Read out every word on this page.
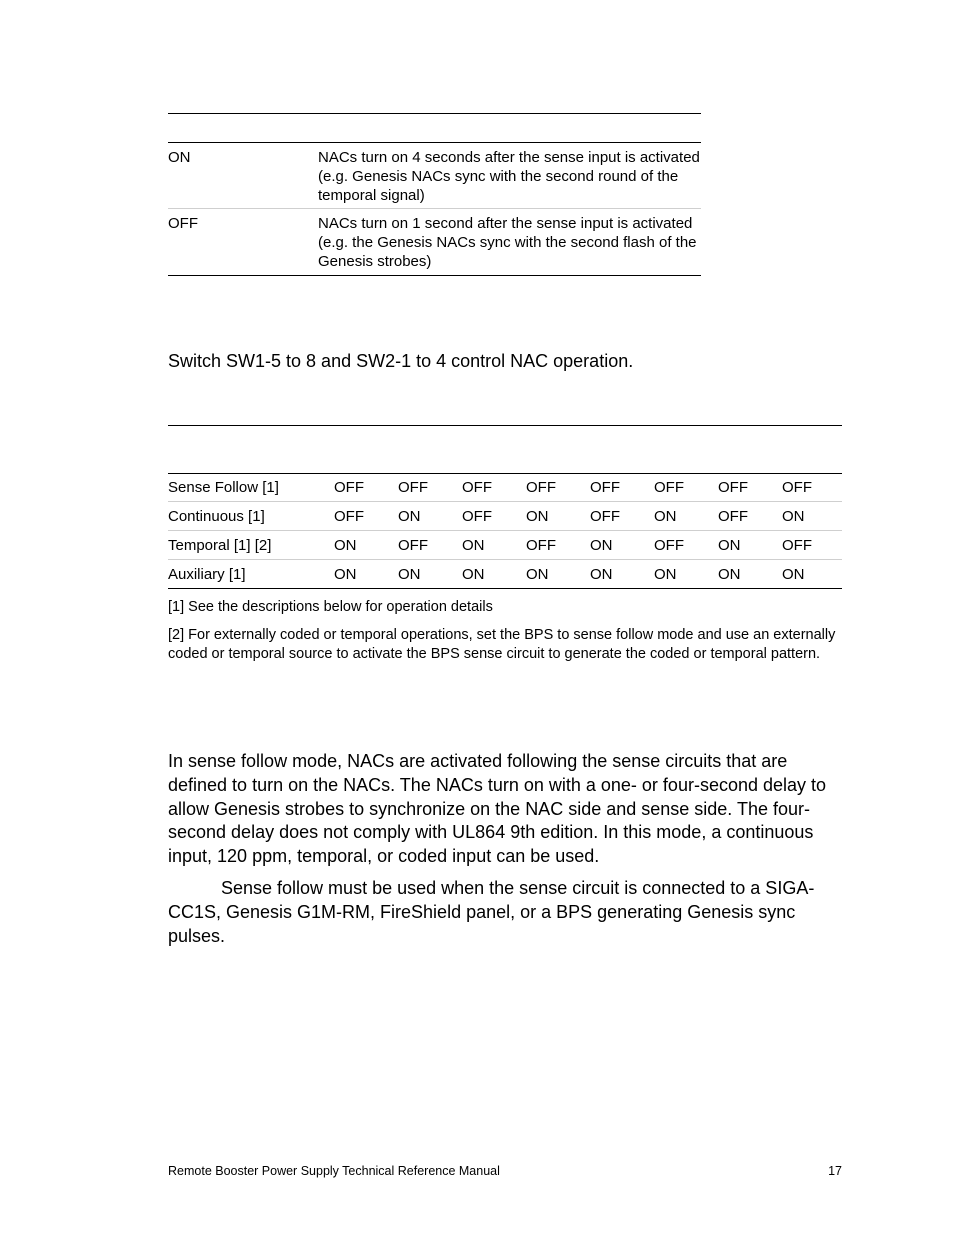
ON	NACs turn on 4 seconds after the sense input is activated (e.g. Genesis NACs sync with the second round of the temporal signal)
OFF	NACs turn on 1 second after the sense input is activated (e.g. the Genesis NACs sync with the second flash of the Genesis strobes)
Switch SW1-5 to 8 and SW2-1 to 4 control NAC operation.
Sense Follow [1]	OFF OFF OFF OFF OFF OFF OFF OFF
Continuous [1]	OFF ON	OFF ON	OFF ON	OFF ON
Temporal [1] [2]	ON	OFF ON	OFF ON	OFF ON	OFF
Auxiliary [1]	ON	ON	ON	ON	ON	ON	ON	ON
[1] See the descriptions below for operation details
[2] For externally coded or temporal operations, set the BPS to sense follow mode and use an externally coded or temporal source to activate the BPS sense circuit to generate the coded or temporal pattern.

In sense follow mode, NACs are activated following the sense circuits that are defined to turn on the NACs. The NACs turn on with a one- or four-second delay to allow Genesis strobes to synchronize on the NAC side and sense side. The four-second delay does not comply with UL864 9th edition. In this mode, a continuous input, 120 ppm, temporal, or coded input can be used.

Sense follow must be used when the sense circuit is connected to a SIGA-CC1S, Genesis G1M-RM, FireShield panel, or a BPS generating Genesis sync pulses.

Remote Booster Power Supply Technical Reference Manual	17
